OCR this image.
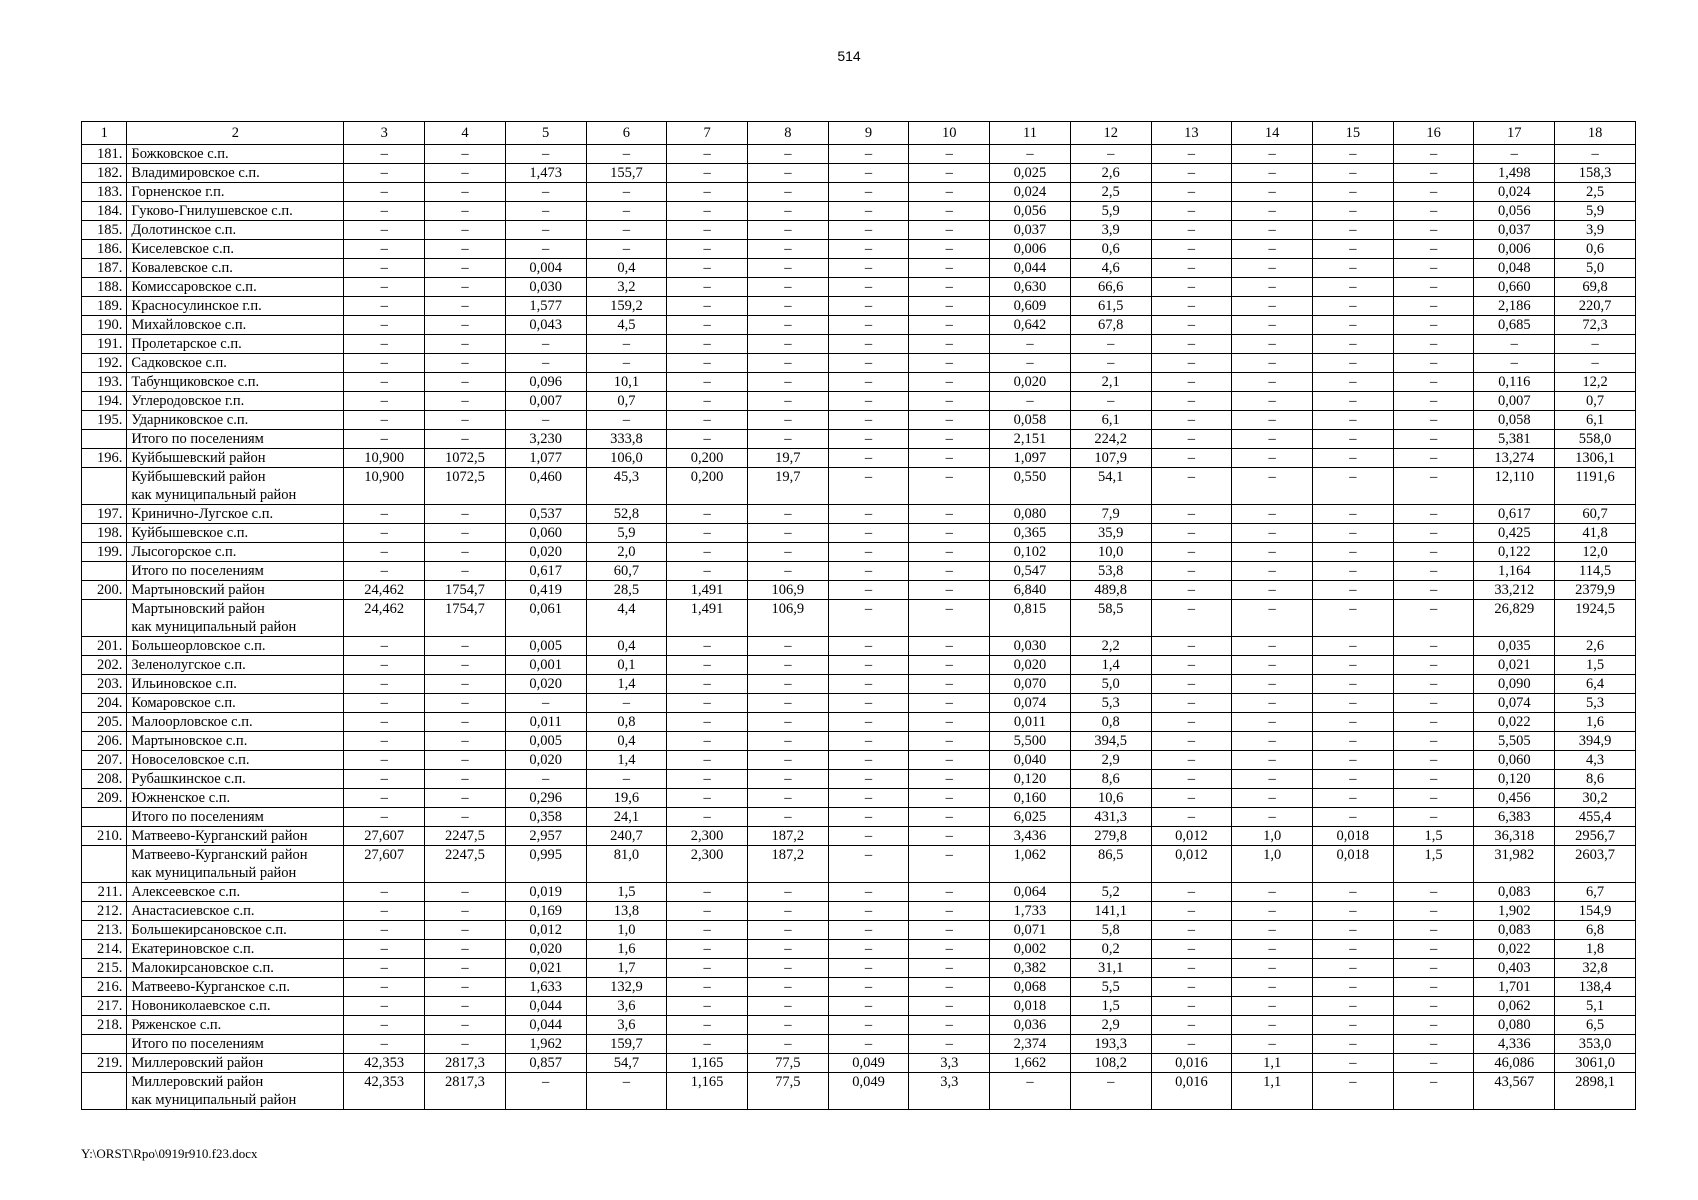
514
1	2	3	4	5	6	7	8	9	10	11	12	13	14	15	16	17	18
181.	Божковское с.п.	–	–	–	–	–	–	–	–	–	–	–	–	–	–	–	–
182.	Владимировское с.п.	–	–	1,473	155,7	–	–	–	–	0,025	2,6	–	–	–	–	1,498	158,3
183.	Горненское г.п.	–	–	–	–	–	–	–	–	0,024	2,5	–	–	–	–	0,024	2,5
184.	Гуково-Гнилушевское с.п.	–	–	–	–	–	–	–	–	0,056	5,9	–	–	–	–	0,056	5,9
185.	Долотинское с.п.	–	–	–	–	–	–	–	–	0,037	3,9	–	–	–	–	0,037	3,9
186.	Киселевское с.п.	–	–	–	–	–	–	–	–	0,006	0,6	–	–	–	–	0,006	0,6
187.	Ковалевское с.п.	–	–	0,004	0,4	–	–	–	–	0,044	4,6	–	–	–	–	0,048	5,0
188.	Комиссаровское с.п.	–	–	0,030	3,2	–	–	–	–	0,630	66,6	–	–	–	–	0,660	69,8
189.	Красносулинское г.п.	–	–	1,577	159,2	–	–	–	–	0,609	61,5	–	–	–	–	2,186	220,7
190.	Михайловское с.п.	–	–	0,043	4,5	–	–	–	–	0,642	67,8	–	–	–	–	0,685	72,3
191.	Пролетарское с.п.	–	–	–	–	–	–	–	–	–	–	–	–	–	–	–	–
192.	Садковское с.п.	–	–	–	–	–	–	–	–	–	–	–	–	–	–	–	–
193.	Табунщиковское с.п.	–	–	0,096	10,1	–	–	–	–	0,020	2,1	–	–	–	–	0,116	12,2
194.	Углеродовское г.п.	–	–	0,007	0,7	–	–	–	–	–	–	–	–	–	–	0,007	0,7
195.	Ударниковское с.п.	–	–	–	–	–	–	–	–	0,058	6,1	–	–	–	–	0,058	6,1
	Итого по поселениям	–	–	3,230	333,8	–	–	–	–	2,151	224,2	–	–	–	–	5,381	558,0
196.	Куйбышевский район	10,900	1072,5	1,077	106,0	0,200	19,7	–	–	1,097	107,9	–	–	–	–	13,274	1306,1
	Куйбышевский район
как муниципальный район	10,900	1072,5	0,460	45,3	0,200	19,7	–	–	0,550	54,1	–	–	–	–	12,110	1191,6
197.	Кринично-Лугское с.п.	–	–	0,537	52,8	–	–	–	–	0,080	7,9	–	–	–	–	0,617	60,7
198.	Куйбышевское с.п.	–	–	0,060	5,9	–	–	–	–	0,365	35,9	–	–	–	–	0,425	41,8
199.	Лысогорское с.п.	–	–	0,020	2,0	–	–	–	–	0,102	10,0	–	–	–	–	0,122	12,0
	Итого по поселениям	–	–	0,617	60,7	–	–	–	–	0,547	53,8	–	–	–	–	1,164	114,5
200.	Мартыновский район	24,462	1754,7	0,419	28,5	1,491	106,9	–	–	6,840	489,8	–	–	–	–	33,212	2379,9
	Мартыновский район
как муниципальный район	24,462	1754,7	0,061	4,4	1,491	106,9	–	–	0,815	58,5	–	–	–	–	26,829	1924,5
201.	Большеорловское с.п.	–	–	0,005	0,4	–	–	–	–	0,030	2,2	–	–	–	–	0,035	2,6
202.	Зеленолугское с.п.	–	–	0,001	0,1	–	–	–	–	0,020	1,4	–	–	–	–	0,021	1,5
203.	Ильиновское с.п.	–	–	0,020	1,4	–	–	–	–	0,070	5,0	–	–	–	–	0,090	6,4
204.	Комаровское с.п.	–	–	–	–	–	–	–	–	0,074	5,3	–	–	–	–	0,074	5,3
205.	Малоорловское с.п.	–	–	0,011	0,8	–	–	–	–	0,011	0,8	–	–	–	–	0,022	1,6
206.	Мартыновское с.п.	–	–	0,005	0,4	–	–	–	–	5,500	394,5	–	–	–	–	5,505	394,9
207.	Новоселовское с.п.	–	–	0,020	1,4	–	–	–	–	0,040	2,9	–	–	–	–	0,060	4,3
208.	Рубашкинское с.п.	–	–	–	–	–	–	–	–	0,120	8,6	–	–	–	–	0,120	8,6
209.	Южненское с.п.	–	–	0,296	19,6	–	–	–	–	0,160	10,6	–	–	–	–	0,456	30,2
	Итого по поселениям	–	–	0,358	24,1	–	–	–	–	6,025	431,3	–	–	–	–	6,383	455,4
210.	Матвеево-Курганский район	27,607	2247,5	2,957	240,7	2,300	187,2	–	–	3,436	279,8	0,012	1,0	0,018	1,5	36,318	2956,7
	Матвеево-Курганский район
как муниципальный район	27,607	2247,5	0,995	81,0	2,300	187,2	–	–	1,062	86,5	0,012	1,0	0,018	1,5	31,982	2603,7
211.	Алексеевское с.п.	–	–	0,019	1,5	–	–	–	–	0,064	5,2	–	–	–	–	0,083	6,7
212.	Анастасиевское с.п.	–	–	0,169	13,8	–	–	–	–	1,733	141,1	–	–	–	–	1,902	154,9
213.	Большекирсановское с.п.	–	–	0,012	1,0	–	–	–	–	0,071	5,8	–	–	–	–	0,083	6,8
214.	Екатериновское с.п.	–	–	0,020	1,6	–	–	–	–	0,002	0,2	–	–	–	–	0,022	1,8
215.	Малокирсановское с.п.	–	–	0,021	1,7	–	–	–	–	0,382	31,1	–	–	–	–	0,403	32,8
216.	Матвеево-Курганское с.п.	–	–	1,633	132,9	–	–	–	–	0,068	5,5	–	–	–	–	1,701	138,4
217.	Новониколаевское с.п.	–	–	0,044	3,6	–	–	–	–	0,018	1,5	–	–	–	–	0,062	5,1
218.	Ряженское с.п.	–	–	0,044	3,6	–	–	–	–	0,036	2,9	–	–	–	–	0,080	6,5
	Итого по поселениям	–	–	1,962	159,7	–	–	–	–	2,374	193,3	–	–	–	–	4,336	353,0
219.	Миллеровский район	42,353	2817,3	0,857	54,7	1,165	77,5	0,049	3,3	1,662	108,2	0,016	1,1	–	–	46,086	3061,0
	Миллеровский район
как муниципальный район	42,353	2817,3	–	–	1,165	77,5	0,049	3,3	–	–	0,016	1,1	–	–	43,567	2898,1
Y:\ORST\Rpo\0919r910.f23.docx
